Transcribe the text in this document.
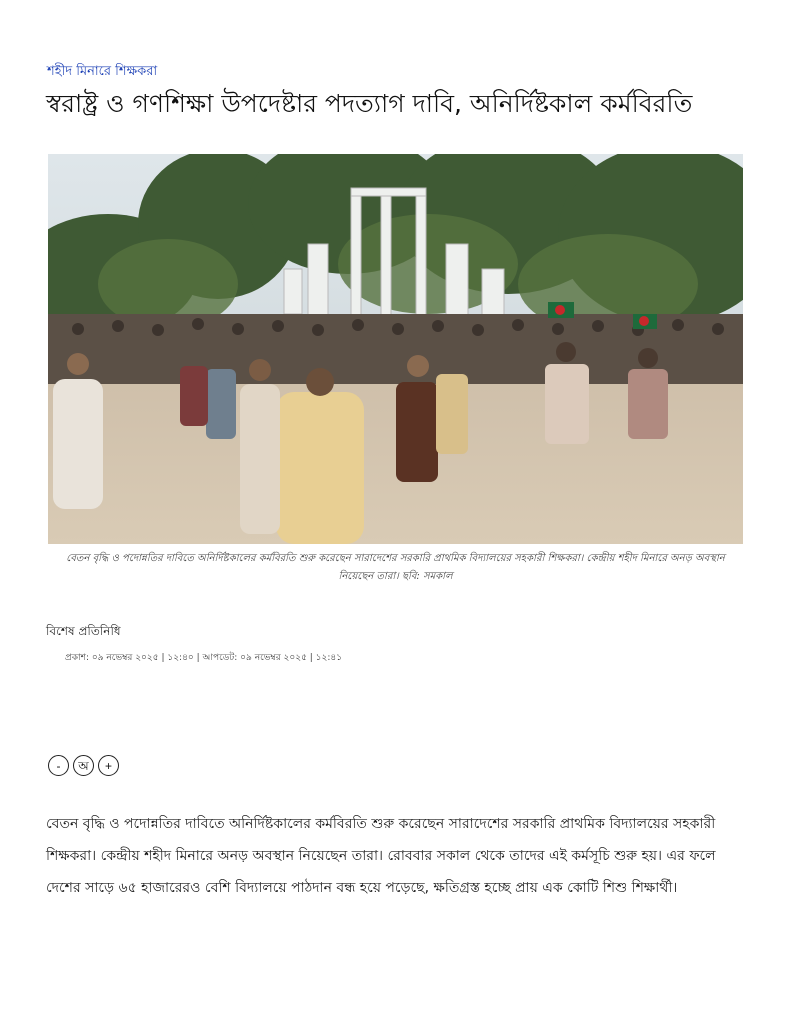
শহীদ মিনারে শিক্ষকরা
স্বরাষ্ট্র ও গণশিক্ষা উপদেষ্টার পদত্যাগ দাবি, অনির্দিষ্টকাল কর্মবিরতি
বেতন বৃদ্ধি ও পদোন্নতির দাবিতে অনির্দিষ্টকালের কর্মবিরতি শুরু করেছেন সারাদেশের সরকারি প্রাথমিক বিদ্যালয়ের সহকারী শিক্ষকরা। কেন্দ্রীয় শহীদ মিনারে অনড় অবস্থান নিয়েছেন তারা। ছবি: সমকাল
বিশেষ প্রতিনিধি
প্রকাশ: ০৯ নভেম্বর ২০২৫ | ১২:৪০ | আপডেট: ০৯ নভেম্বর ২০২৫ | ১২:৪১
-	অ	+

বেতন বৃদ্ধি ও পদোন্নতির দাবিতে অনির্দিষ্টকালের কর্মবিরতি শুরু করেছেন সারাদেশের সরকারি প্রাথমিক বিদ্যালয়ের সহকারী শিক্ষকরা। কেন্দ্রীয় শহীদ মিনারে অনড় অবস্থান নিয়েছেন তারা। রোববার সকাল থেকে তাদের এই কর্মসূচি শুরু হয়। এর ফলে দেশের সাড়ে ৬৫ হাজারেরও বেশি বিদ্যালয়ে পাঠদান বন্ধ হয়ে পড়েছে, ক্ষতিগ্রস্ত হচ্ছে প্রায় এক কোটি শিশু শিক্ষার্থী।
